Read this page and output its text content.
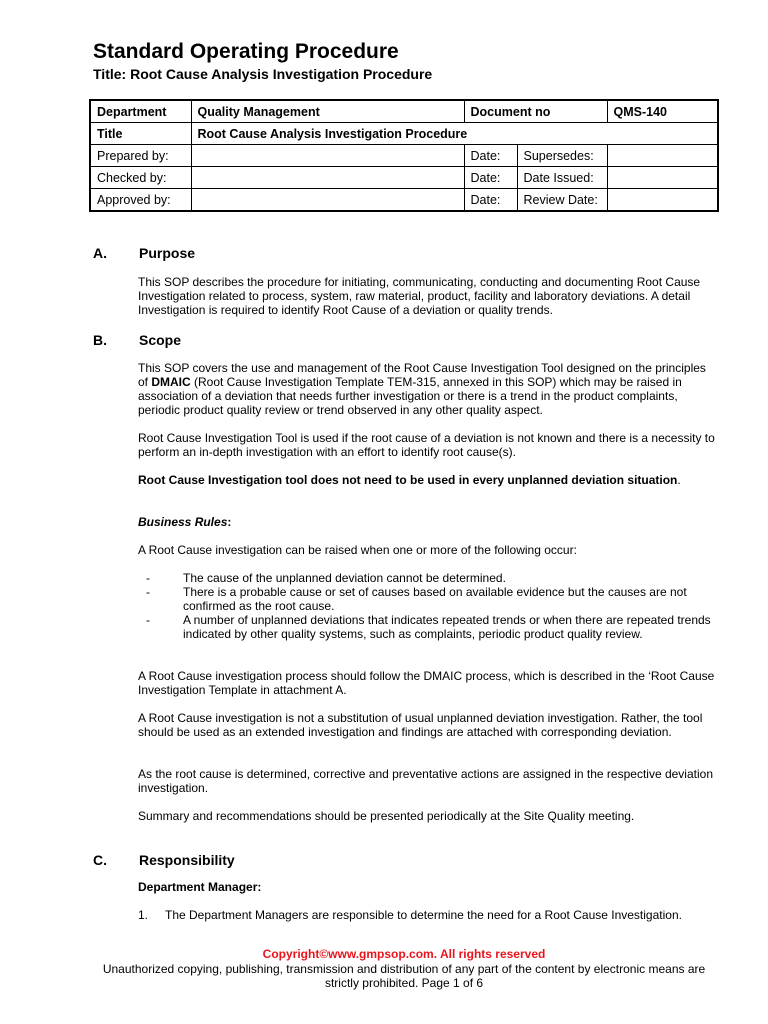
Standard Operating Procedure
Title: Root Cause Analysis Investigation Procedure
Department	Quality Management	Document no		QMS-140
Title	Root Cause Analysis Investigation Procedure			
Prepared by:		Date:	Supersedes:	
Checked by:		Date:	Date Issued:	
Approved by:		Date:	Review Date:	
A. Purpose

This SOP describes the procedure for initiating, communicating, conducting and documenting Root Cause Investigation related to process, system, raw material, product, facility and laboratory deviations. A detail Investigation is required to identify Root Cause of a deviation or quality trends.

B. Scope

This SOP covers the use and management of the Root Cause Investigation Tool designed on the principles of DMAIC (Root Cause Investigation Template TEM-315, annexed in this SOP) which may be raised in association of a deviation that needs further investigation or there is a trend in the product complaints, periodic product quality review or trend observed in any other quality aspect.

Root Cause Investigation Tool is used if the root cause of a deviation is not known and there is a necessity to perform an in-depth investigation with an effort to identify root cause(s).

Root Cause Investigation tool does not need to be used in every unplanned deviation situation.

Business Rules:

A Root Cause investigation can be raised when one or more of the following occur:

-	The cause of the unplanned deviation cannot be determined.

-	There is a probable cause or set of causes based on available evidence but the causes are not confirmed as the root cause.

-	A number of unplanned deviations that indicates repeated trends or when there are repeated trends indicated by other quality systems, such as complaints, periodic product quality review.

A Root Cause investigation process should follow the DMAIC process, which is described in the ‘Root Cause Investigation Template in attachment A.

A Root Cause investigation is not a substitution of usual unplanned deviation investigation. Rather, the tool should be used as an extended investigation and findings are attached with corresponding deviation.

As the root cause is determined, corrective and preventative actions are assigned in the respective deviation investigation.

Summary and recommendations should be presented periodically at the Site Quality meeting.

C. Responsibility

Department Manager:

1. The Department Managers are responsible to determine the need for a Root Cause Investigation.

Copyright©www.gmpsop.com. All rights reserved
Unauthorized copying, publishing, transmission and distribution of any part of the content by electronic means are strictly prohibited. Page 1 of 6
